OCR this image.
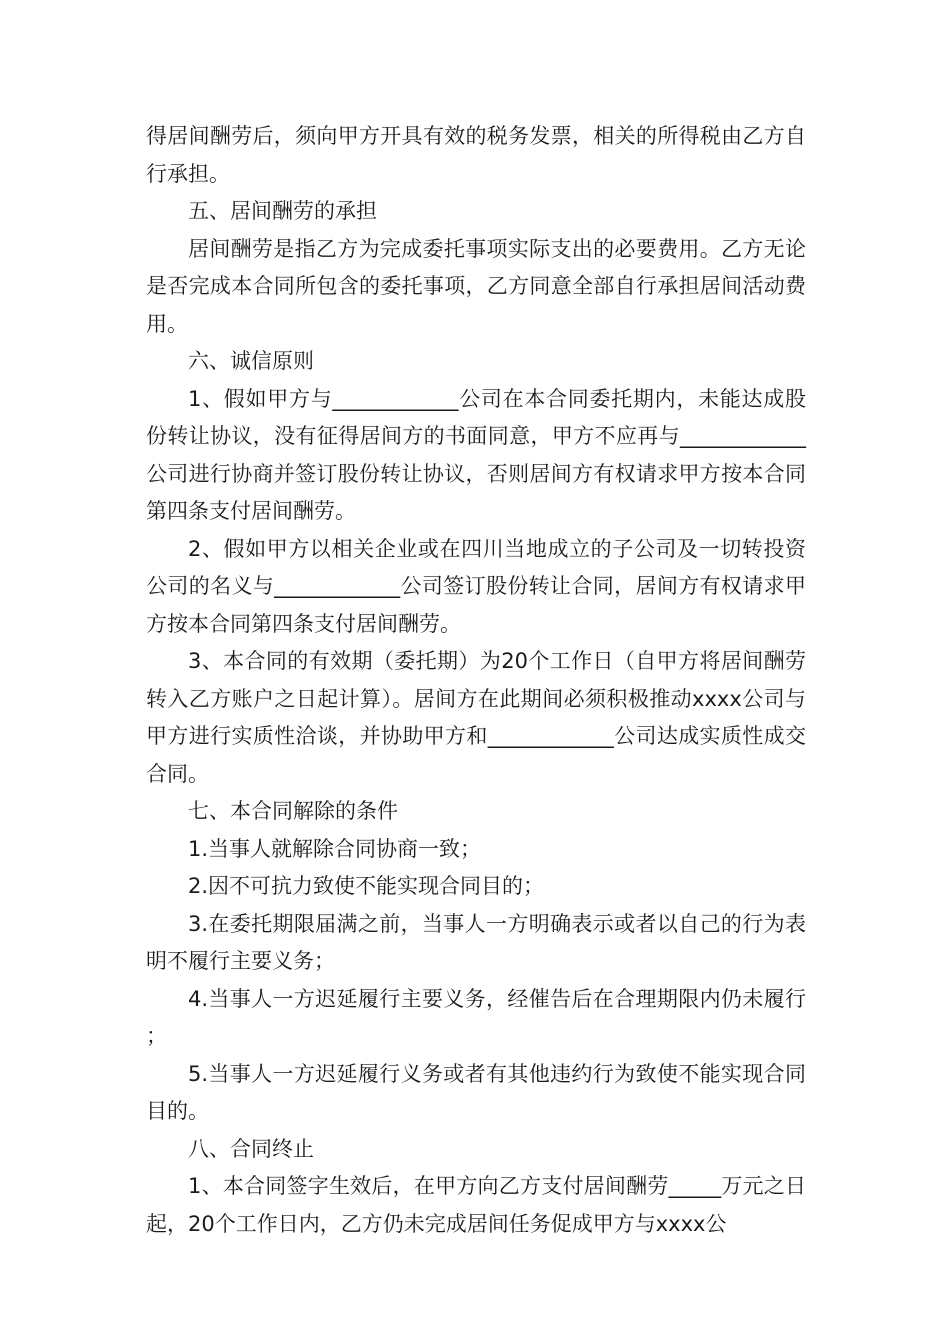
得居间酬劳后，须向甲方开具有效的税务发票，相关的所得税由乙方自行承担。

五、居间酬劳的承担

居间酬劳是指乙方为完成委托事项实际支出的必要费用。乙方无论是否完成本合同所包含的委托事项，乙方同意全部自行承担居间活动费用。

六、诚信原则

1、假如甲方与____________公司在本合同委托期内，未能达成股份转让协议，没有征得居间方的书面同意，甲方不应再与____________公司进行协商并签订股份转让协议，否则居间方有权请求甲方按本合同第四条支付居间酬劳。

2、假如甲方以相关企业或在四川当地成立的子公司及一切转投资公司的名义与____________公司签订股份转让合同，居间方有权请求甲方按本合同第四条支付居间酬劳。

3、本合同的有效期（委托期）为20个工作日（自甲方将居间酬劳转入乙方账户之日起计算）。居间方在此期间必须积极推动xxxx公司与甲方进行实质性洽谈，并协助甲方和____________公司达成实质性成交合同。

七、本合同解除的条件

1.当事人就解除合同协商一致；

2.因不可抗力致使不能实现合同目的；

3.在委托期限届满之前，当事人一方明确表示或者以自己的行为表明不履行主要义务；

4.当事人一方迟延履行主要义务，经催告后在合理期限内仍未履行；

5.当事人一方迟延履行义务或者有其他违约行为致使不能实现合同目的。

八、合同终止

1、本合同签字生效后，在甲方向乙方支付居间酬劳_____万元之日起，20个工作日内，乙方仍未完成居间任务促成甲方与xxxx公
